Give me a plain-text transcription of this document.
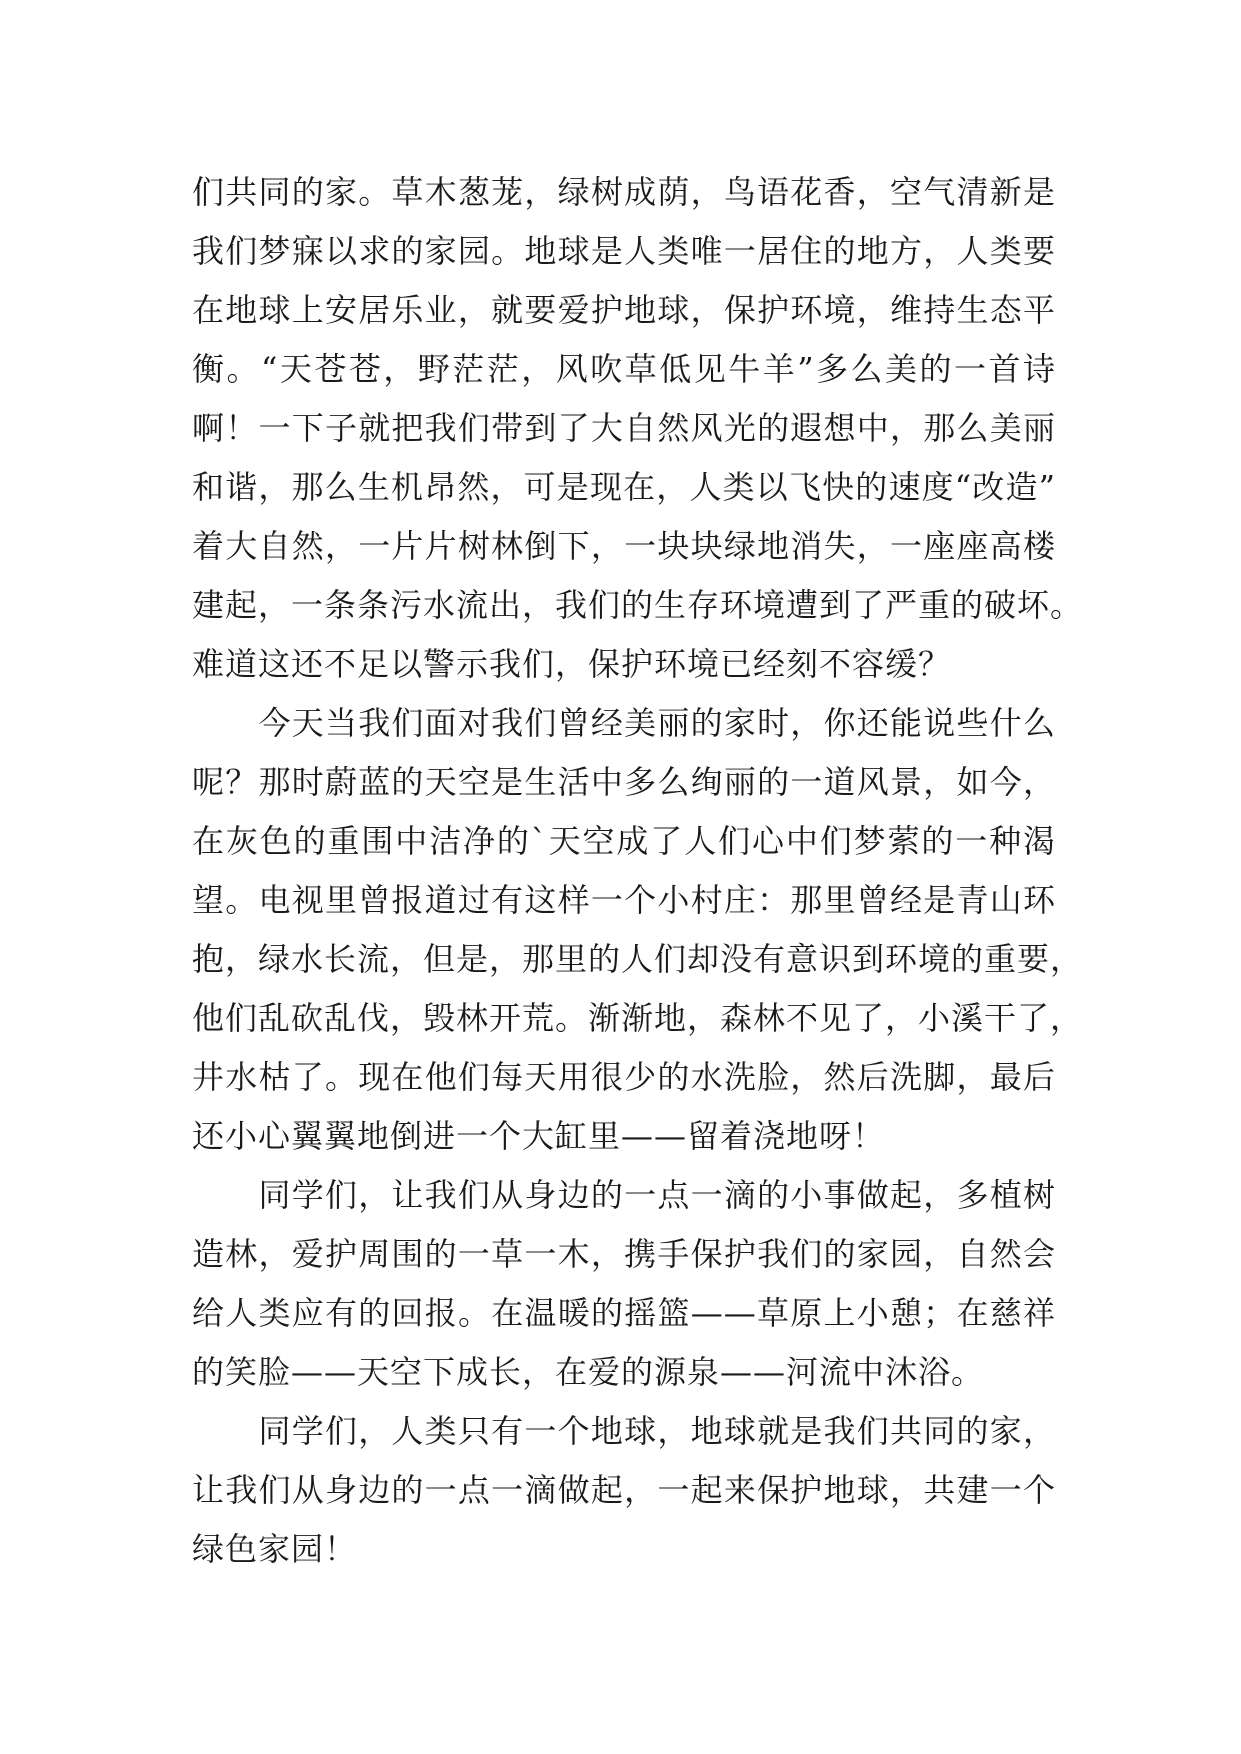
们共同的家。草木葱茏，绿树成荫，鸟语花香，空气清新是
我们梦寐以求的家园。地球是人类唯一居住的地方，人类要
在地球上安居乐业，就要爱护地球，保护环境，维持生态平
衡。“天苍苍，野茫茫，风吹草低见牛羊”多么美的一首诗
啊！一下子就把我们带到了大自然风光的遐想中，那么美丽
和谐，那么生机昂然，可是现在，人类以飞快的速度“改造”
着大自然，一片片树林倒下，一块块绿地消失，一座座高楼
建起，一条条污水流出，我们的生存环境遭到了严重的破坏。
难道这还不足以警示我们，保护环境已经刻不容缓？
　　今天当我们面对我们曾经美丽的家时，你还能说些什么
呢？那时蔚蓝的天空是生活中多么绚丽的一道风景，如今，
在灰色的重围中洁净的`天空成了人们心中们梦萦的一种渴
望。电视里曾报道过有这样一个小村庄：那里曾经是青山环
抱，绿水长流，但是，那里的人们却没有意识到环境的重要，
他们乱砍乱伐，毁林开荒。渐渐地，森林不见了，小溪干了，
井水枯了。现在他们每天用很少的水洗脸，然后洗脚，最后
还小心翼翼地倒进一个大缸里——留着浇地呀！
　　同学们，让我们从身边的一点一滴的小事做起，多植树
造林，爱护周围的一草一木，携手保护我们的家园，自然会
给人类应有的回报。在温暖的摇篮——草原上小憩；在慈祥
的笑脸——天空下成长，在爱的源泉——河流中沐浴。
　　同学们，人类只有一个地球，地球就是我们共同的家，
让我们从身边的一点一滴做起，一起来保护地球，共建一个
绿色家园！
